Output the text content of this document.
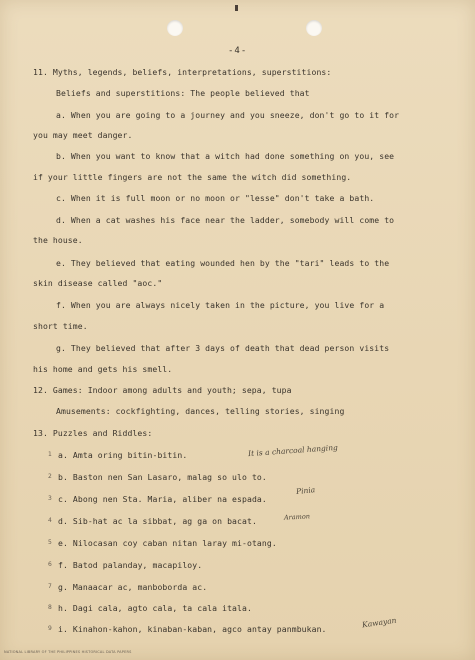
-4-
11. Myths, legends, beliefs, interpretations, superstitions:
Beliefs and superstitions: The people believed that
a. When you are going to a journey and you sneeze, don't go to it for
you may meet danger.
b. When you want to know that a witch had done something on you, see
if your little fingers are not the same the witch did something.
c. When it is full moon or no moon or "lesse" don't take a bath.
d. When a cat washes his face near the ladder, somebody will come to
the house.
e. They believed that eating wounded hen by the "tari" leads to the
skin disease called "aoc."
f. When you are always nicely taken in the picture, you live for a
short time.
g. They believed that after 3 days of death that dead person visits
his home and gets his smell.
12. Games: Indoor among adults and youth; sepa, tupa
Amusements: cockfighting, dances, telling stories, singing
13. Puzzles and Riddles:
a. Amta oring bitin-bitin.
b. Baston nen San Lasaro, malag so ulo to.
c. Abong nen Sta. Maria, aliber na espada.
d. Sib-hat ac la sibbat, ag ga on bacat.
e. Nilocasan coy caban nitan laray mi-otang.
f. Batod palanday, macapiloy.
g. Manaacar ac, manboborda ac.
h. Dagi cala, agto cala, ta cala itala.
i. Kinahon-kahon, kinaban-kaban, agco antay panmbukan.
1
2
3
4
5
6
7
8
9
It is a charcoal hanging
Pinia
Aramon
Kawayan
NATIONAL LIBRARY OF THE PHILIPPINES HISTORICAL DATA PAPERS
